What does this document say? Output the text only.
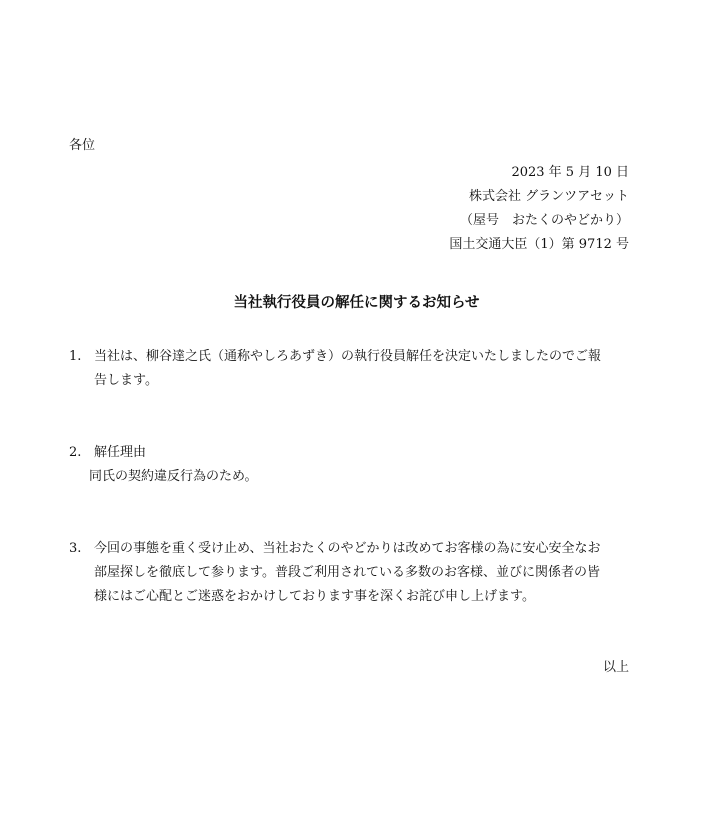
各位
2023 年 5 月 10 日
株式会社 グランツアセット
（屋号　おたくのやどかり）
国土交通大臣（1）第 9712 号
当社執行役員の解任に関するお知らせ
1. 当社は、柳谷達之氏（通称やしろあずき）の執行役員解任を決定いたしましたのでご報
告します。
2. 解任理由
同氏の契約違反行為のため。
3. 今回の事態を重く受け止め、当社おたくのやどかりは改めてお客様の為に安心安全なお
部屋探しを徹底して参ります。普段ご利用されている多数のお客様、並びに関係者の皆
様にはご心配とご迷惑をおかけしております事を深くお詫び申し上げます。
以上
